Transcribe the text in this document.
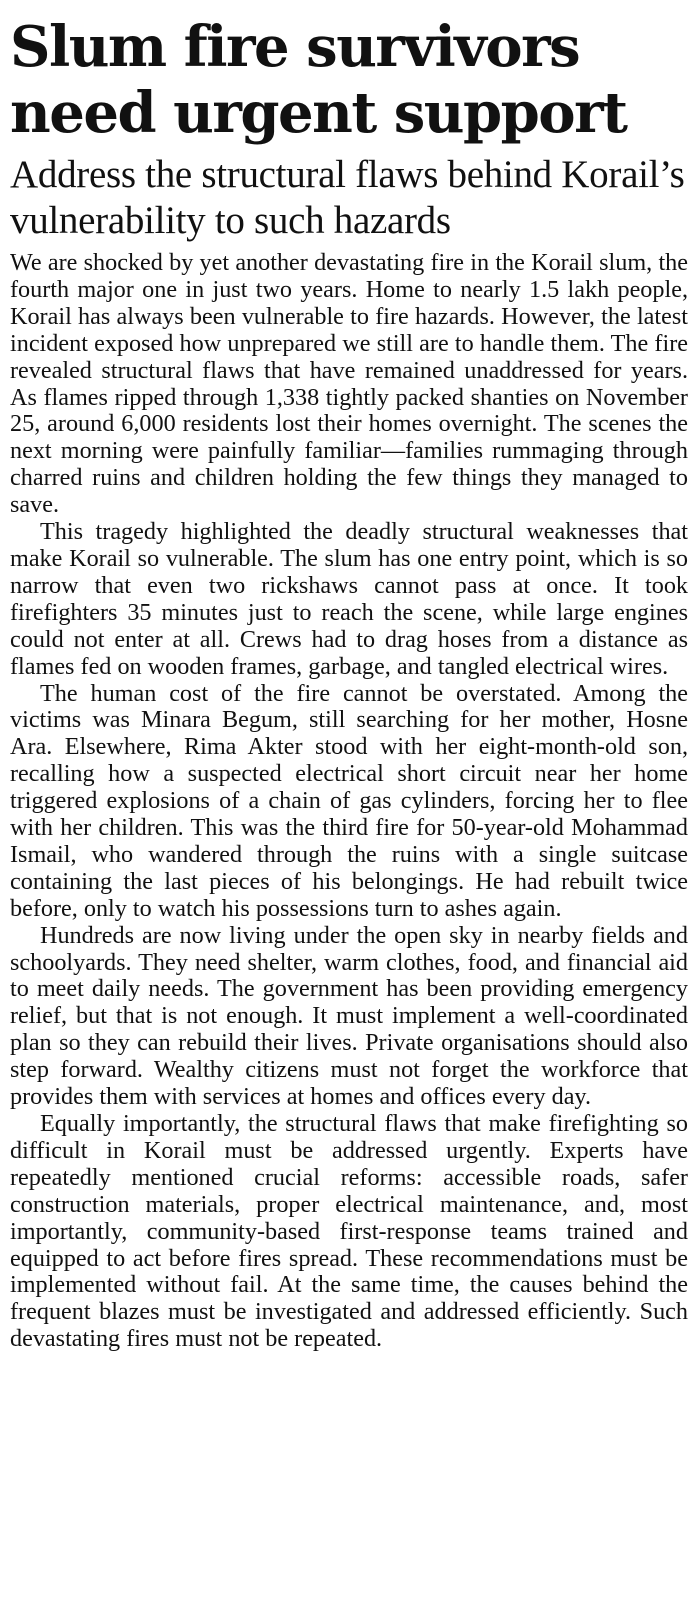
Slum fire survivors need urgent support
Address the structural flaws behind Korail’s vulnerability to such hazards

We are shocked by yet another devastating fire in the Korail slum, the fourth major one in just two years. Home to nearly 1.5 lakh people, Korail has always been vulnerable to fire hazards. However, the latest incident exposed how unprepared we still are to handle them. The fire revealed structural flaws that have remained unaddressed for years. As flames ripped through 1,338 tightly packed shanties on November 25, around 6,000 residents lost their homes overnight. The scenes the next morning were painfully familiar—families rummaging through charred ruins and children holding the few things they managed to save.

This tragedy highlighted the deadly structural weaknesses that make Korail so vulnerable. The slum has one entry point, which is so narrow that even two rickshaws cannot pass at once. It took firefighters 35 minutes just to reach the scene, while large engines could not enter at all. Crews had to drag hoses from a distance as flames fed on wooden frames, garbage, and tangled electrical wires.

The human cost of the fire cannot be overstated. Among the victims was Minara Begum, still searching for her mother, Hosne Ara. Elsewhere, Rima Akter stood with her eight-month-old son, recalling how a suspected electrical short circuit near her home triggered explosions of a chain of gas cylinders, forcing her to flee with her children. This was the third fire for 50-year-old Mohammad Ismail, who wandered through the ruins with a single suitcase containing the last pieces of his belongings. He had rebuilt twice before, only to watch his possessions turn to ashes again.

Hundreds are now living under the open sky in nearby fields and schoolyards. They need shelter, warm clothes, food, and financial aid to meet daily needs. The government has been providing emergency relief, but that is not enough. It must implement a well-coordinated plan so they can rebuild their lives. Private organisations should also step forward. Wealthy citizens must not forget the workforce that provides them with services at homes and offices every day.

Equally importantly, the structural flaws that make firefighting so difficult in Korail must be addressed urgently. Experts have repeatedly mentioned crucial reforms: accessible roads, safer construction materials, proper electrical maintenance, and, most importantly, community-based first-response teams trained and equipped to act before fires spread. These recommendations must be implemented without fail. At the same time, the causes behind the frequent blazes must be investigated and addressed efficiently. Such devastating fires must not be repeated.
